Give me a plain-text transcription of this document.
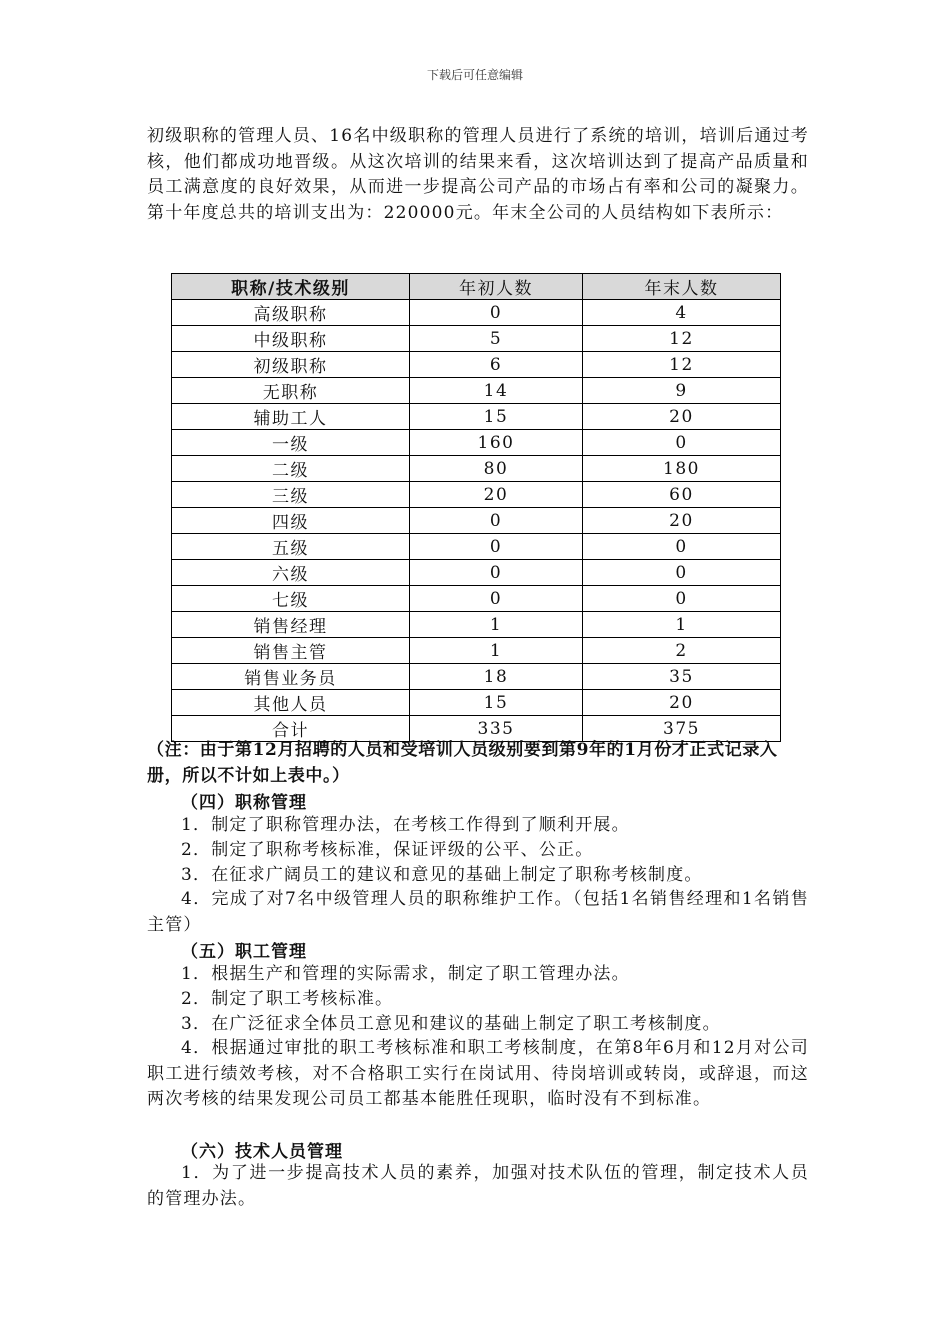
下载后可任意编辑
初级职称的管理人员、16名中级职称的管理人员进行了系统的培训，培训后通过考核，他们都成功地晋级。从这次培训的结果来看，这次培训达到了提高产品质量和员工满意度的良好效果，从而进一步提高公司产品的市场占有率和公司的凝聚力。第十年度总共的培训支出为：220000元。年末全公司的人员结构如下表所示：
职称/技术级别	年初人数	年末人数
高级职称	0	4
中级职称	5	12
初级职称	6	12
无职称	14	9
辅助工人	15	20
一级	160	0
二级	80	180
三级	20	60
四级	0	20
五级	0	0
六级	0	0
七级	0	0
销售经理	1	1
销售主管	1	2
销售业务员	18	35
其他人员	15	20
合计	335	375
（注：由于第12月招聘的人员和受培训人员级别要到第9年的1月份才正式记录入册，所以不计如上表中。）
（四）职称管理
1．制定了职称管理办法，在考核工作得到了顺利开展。
2．制定了职称考核标准，保证评级的公平、公正。
3．在征求广阔员工的建议和意见的基础上制定了职称考核制度。
4．完成了对7名中级管理人员的职称维护工作。（包括1名销售经理和1名销售主管）
（五）职工管理
1．根据生产和管理的实际需求，制定了职工管理办法。
2．制定了职工考核标准。
3．在广泛征求全体员工意见和建议的基础上制定了职工考核制度。
4．根据通过审批的职工考核标准和职工考核制度，在第8年6月和12月对公司职工进行绩效考核，对不合格职工实行在岗试用、待岗培训或转岗，或辞退，而这两次考核的结果发现公司员工都基本能胜任现职，临时没有不到标准。
（六）技术人员管理
1．为了进一步提高技术人员的素养，加强对技术队伍的管理，制定技术人员的管理办法。
